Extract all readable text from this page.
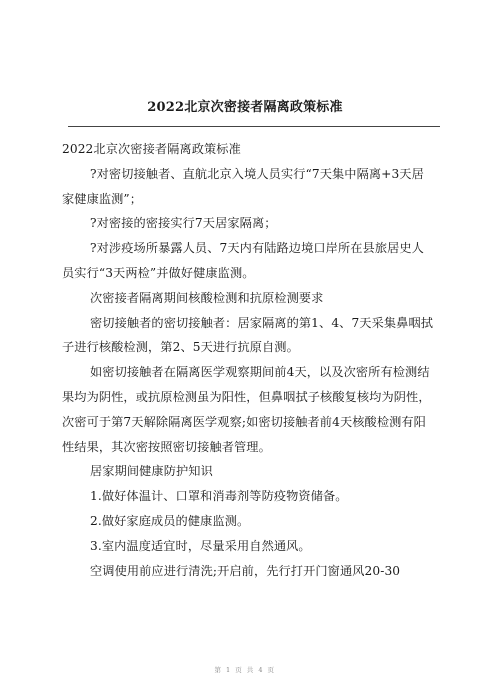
2022北京次密接者隔离政策标准

2022北京次密接者隔离政策标准

?对密切接触者、直航北京入境人员实行“7天集中隔离+3天居家健康监测”；

?对密接的密接实行7天居家隔离；

?对涉疫场所暴露人员、7天内有陆路边境口岸所在县旅居史人员实行“3天两检”并做好健康监测。

次密接者隔离期间核酸检测和抗原检测要求

密切接触者的密切接触者：居家隔离的第1、4、7天采集鼻咽拭子进行核酸检测，第2、5天进行抗原自测。

如密切接触者在隔离医学观察期间前4天，以及次密所有检测结果均为阴性，或抗原检测虽为阳性，但鼻咽拭子核酸复核均为阴性，次密可于第7天解除隔离医学观察;如密切接触者前4天核酸检测有阳性结果，其次密按照密切接触者管理。

居家期间健康防护知识

1.做好体温计、口罩和消毒剂等防疫物资储备。

2.做好家庭成员的健康监测。

3.室内温度适宜时，尽量采用自然通风。

空调使用前应进行清洗;开启前，先行打开门窗通风20-30

第 1 页 共 4 页
